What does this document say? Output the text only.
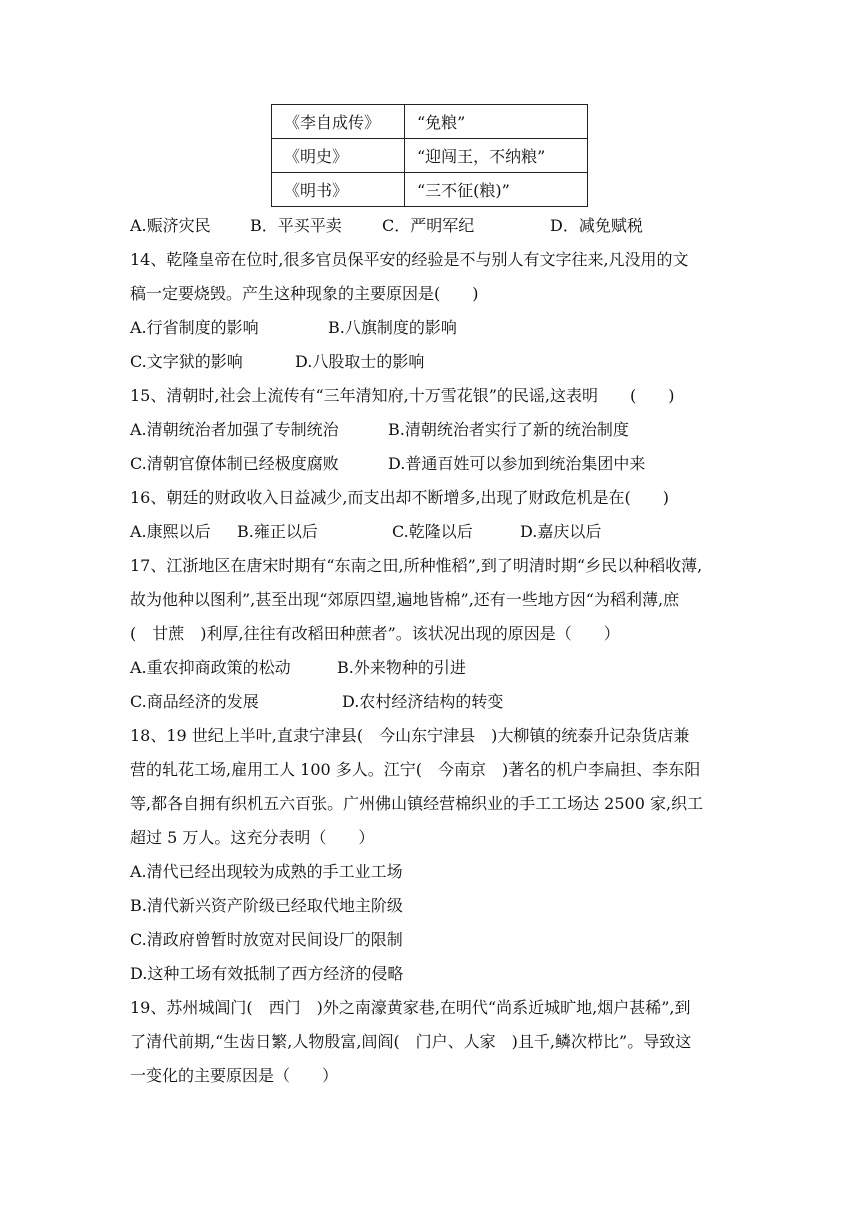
《李自成传》	“免粮”
《明史》	“迎闯王，不纳粮”
《明书》	“三不征(粮)”
A.赈济灾民 B．平买平卖	C．严明军纪	D．减免赋税
14、乾隆皇帝在位时,很多官员保平安的经验是不与别人有文字往来,凡没用的文
稿一定要烧毁。产生这种现象的主要原因是(　　)
A.行省制度的影响	B.八旗制度的影响
C.文字狱的影响	D.八股取士的影响
15、清朝时,社会上流传有“三年清知府,十万雪花银”的民谣,这表明　　(　　)
A.清朝统治者加强了专制统治	B.清朝统治者实行了新的统治制度
C.清朝官僚体制已经极度腐败	D.普通百姓可以参加到统治集团中来
16、朝廷的财政收入日益减少,而支出却不断增多,出现了财政危机是在(　　)
A.康熙以后 B.雍正以后	C.乾隆以后	D.嘉庆以后
17、江浙地区在唐宋时期有“东南之田,所种惟稻”,到了明清时期“乡民以种稻收薄,
故为他种以图利”,甚至出现“郊原四望,遍地皆棉”,还有一些地方因“为稻利薄,庶
(　甘蔗　)利厚,往往有改稻田种蔗者”。该状况出现的原因是（　　）
A.重农抑商政策的松动	B.外来物种的引进
C.商品经济的发展	D.农村经济结构的转变
18、19 世纪上半叶,直隶宁津县(　今山东宁津县　)大柳镇的统泰升记杂货店兼
营的轧花工场,雇用工人 100 多人。江宁(　今南京　)著名的机户李扁担、李东阳
等,都各自拥有织机五六百张。广州佛山镇经营棉织业的手工工场达 2500 家,织工
超过 5 万人。这充分表明（　　）
A.清代已经出现较为成熟的手工业工场
B.清代新兴资产阶级已经取代地主阶级
C.清政府曾暂时放宽对民间设厂的限制
D.这种工场有效抵制了西方经济的侵略
19、苏州城阊门(　西门　)外之南濠黄家巷,在明代“尚系近城旷地,烟户甚稀”,到
了清代前期,“生齿日繁,人物殷富,闾阎(　门户、人家　)且千,鳞次栉比”。导致这
一变化的主要原因是（　　）
